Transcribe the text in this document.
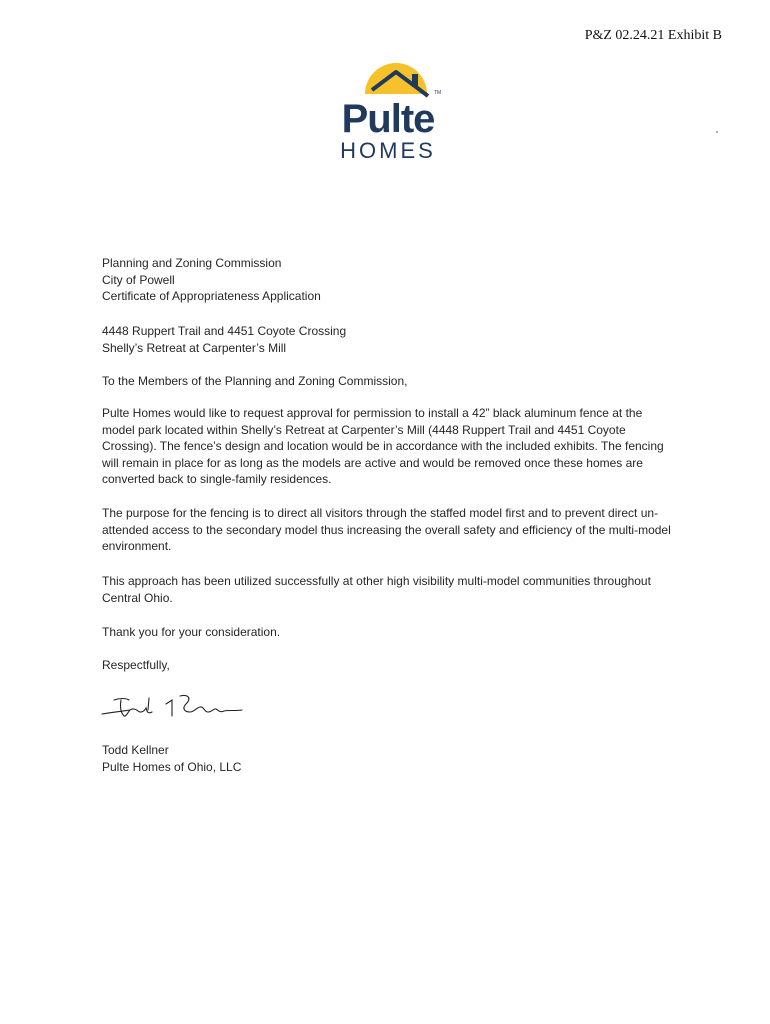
P&Z 02.24.21 Exhibit B
TM
Pulte
HOMES
Planning and Zoning Commission
City of Powell
Certificate of Appropriateness Application
4448 Ruppert Trail and 4451 Coyote Crossing
Shelly’s Retreat at Carpenter’s Mill
To the Members of the Planning and Zoning Commission,

Pulte Homes would like to request approval for permission to install a 42” black aluminum fence at the model park located within Shelly’s Retreat at Carpenter’s Mill (4448 Ruppert Trail and 4451 Coyote Crossing). The fence’s design and location would be in accordance with the included exhibits. The fencing will remain in place for as long as the models are active and would be removed once these homes are converted back to single-family residences.

The purpose for the fencing is to direct all visitors through the staffed model first and to prevent direct un-attended access to the secondary model thus increasing the overall safety and efficiency of the multi-model environment.

This approach has been utilized successfully at other high visibility multi-model communities throughout Central Ohio.

Thank you for your consideration.

Respectfully,
Todd Kellner
Pulte Homes of Ohio, LLC
